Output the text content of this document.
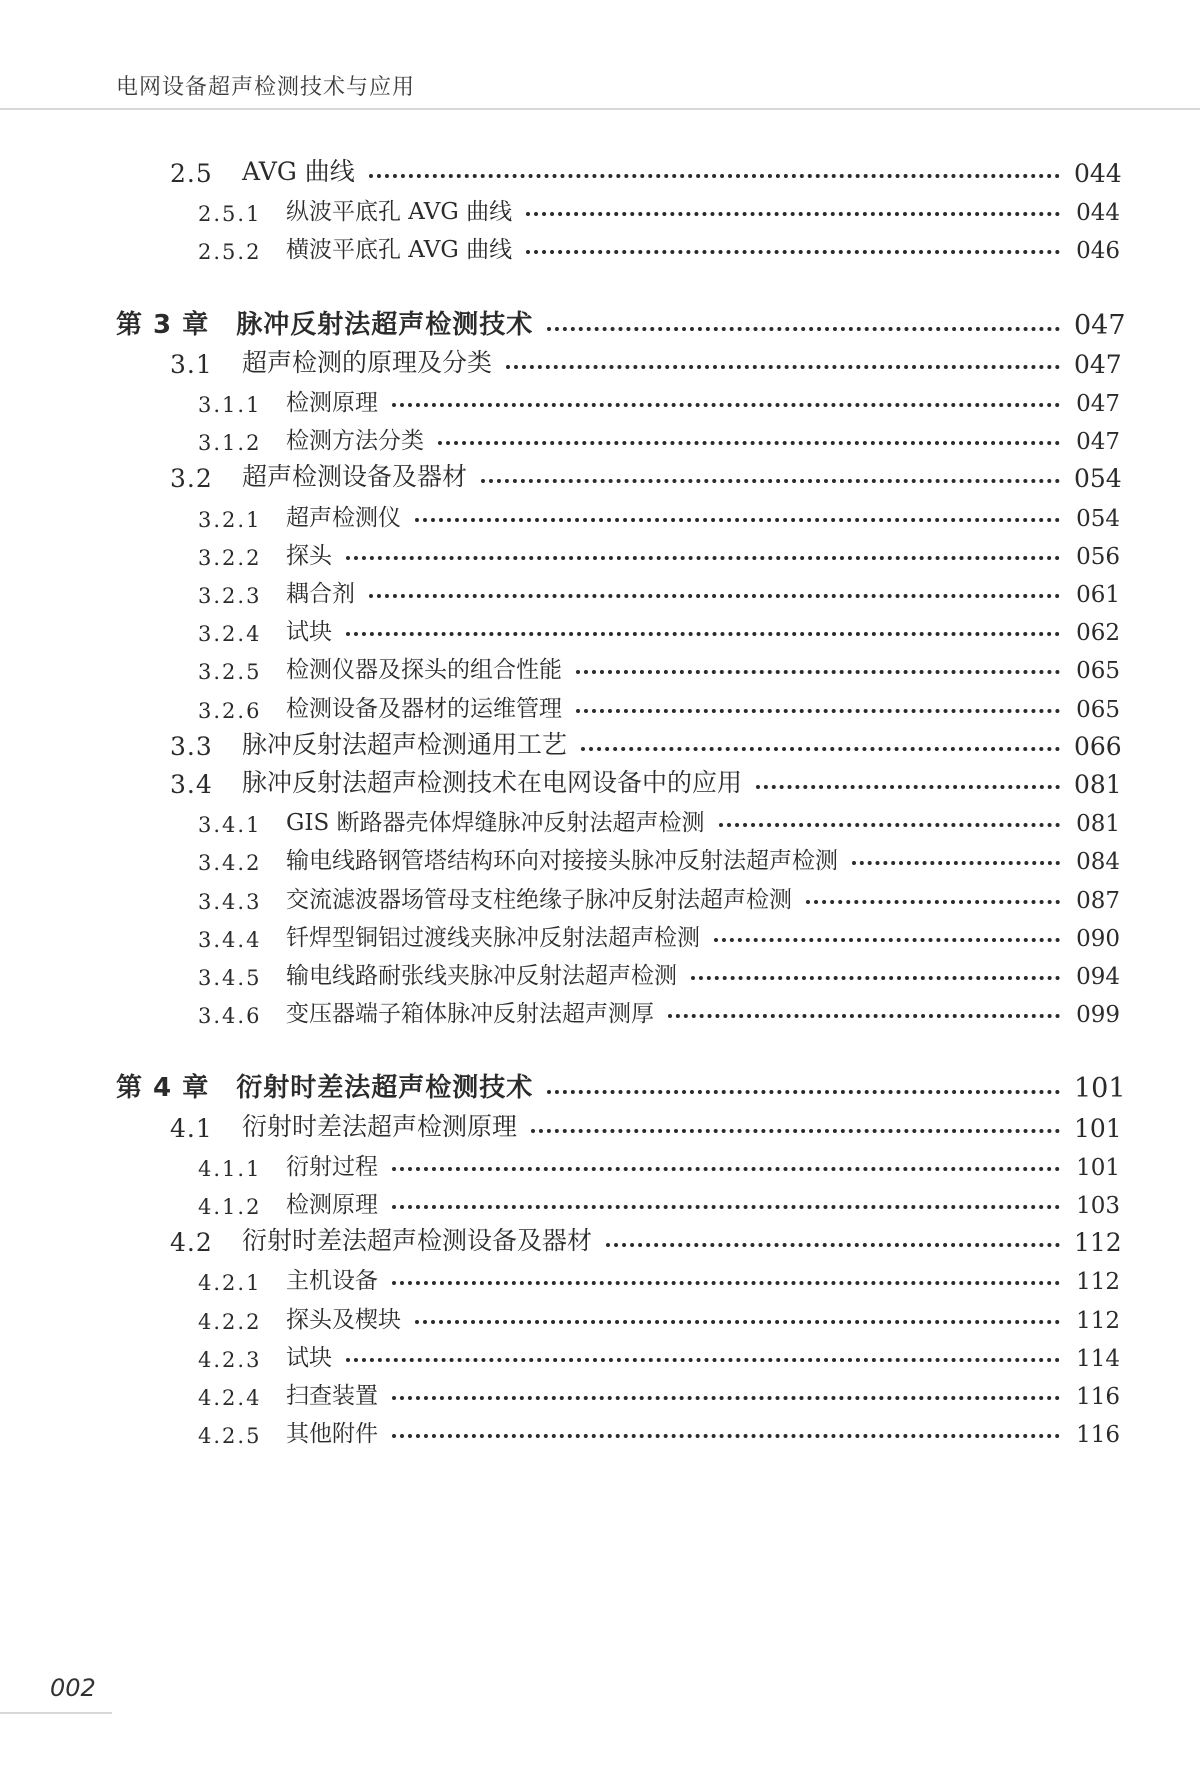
电网设备超声检测技术与应用
2.5	AVG 曲线	044
2.5.1	纵波平底孔 AVG 曲线	044
2.5.2	横波平底孔 AVG 曲线	046
第 3 章　脉冲反射法超声检测技术	047
3.1	超声检测的原理及分类	047
3.1.1	检测原理	047
3.1.2	检测方法分类	047
3.2	超声检测设备及器材	054
3.2.1	超声检测仪	054
3.2.2	探头	056
3.2.3	耦合剂	061
3.2.4	试块	062
3.2.5	检测仪器及探头的组合性能	065
3.2.6	检测设备及器材的运维管理	065
3.3	脉冲反射法超声检测通用工艺	066
3.4	脉冲反射法超声检测技术在电网设备中的应用	081
3.4.1	GIS 断路器壳体焊缝脉冲反射法超声检测	081
3.4.2	输电线路钢管塔结构环向对接接头脉冲反射法超声检测	084
3.4.3	交流滤波器场管母支柱绝缘子脉冲反射法超声检测	087
3.4.4	钎焊型铜铝过渡线夹脉冲反射法超声检测	090
3.4.5	输电线路耐张线夹脉冲反射法超声检测	094
3.4.6	变压器端子箱体脉冲反射法超声测厚	099
第 4 章　衍射时差法超声检测技术	101
4.1	衍射时差法超声检测原理	101
4.1.1	衍射过程	101
4.1.2	检测原理	103
4.2	衍射时差法超声检测设备及器材	112
4.2.1	主机设备	112
4.2.2	探头及楔块	112
4.2.3	试块	114
4.2.4	扫查装置	116
4.2.5	其他附件	116
002
